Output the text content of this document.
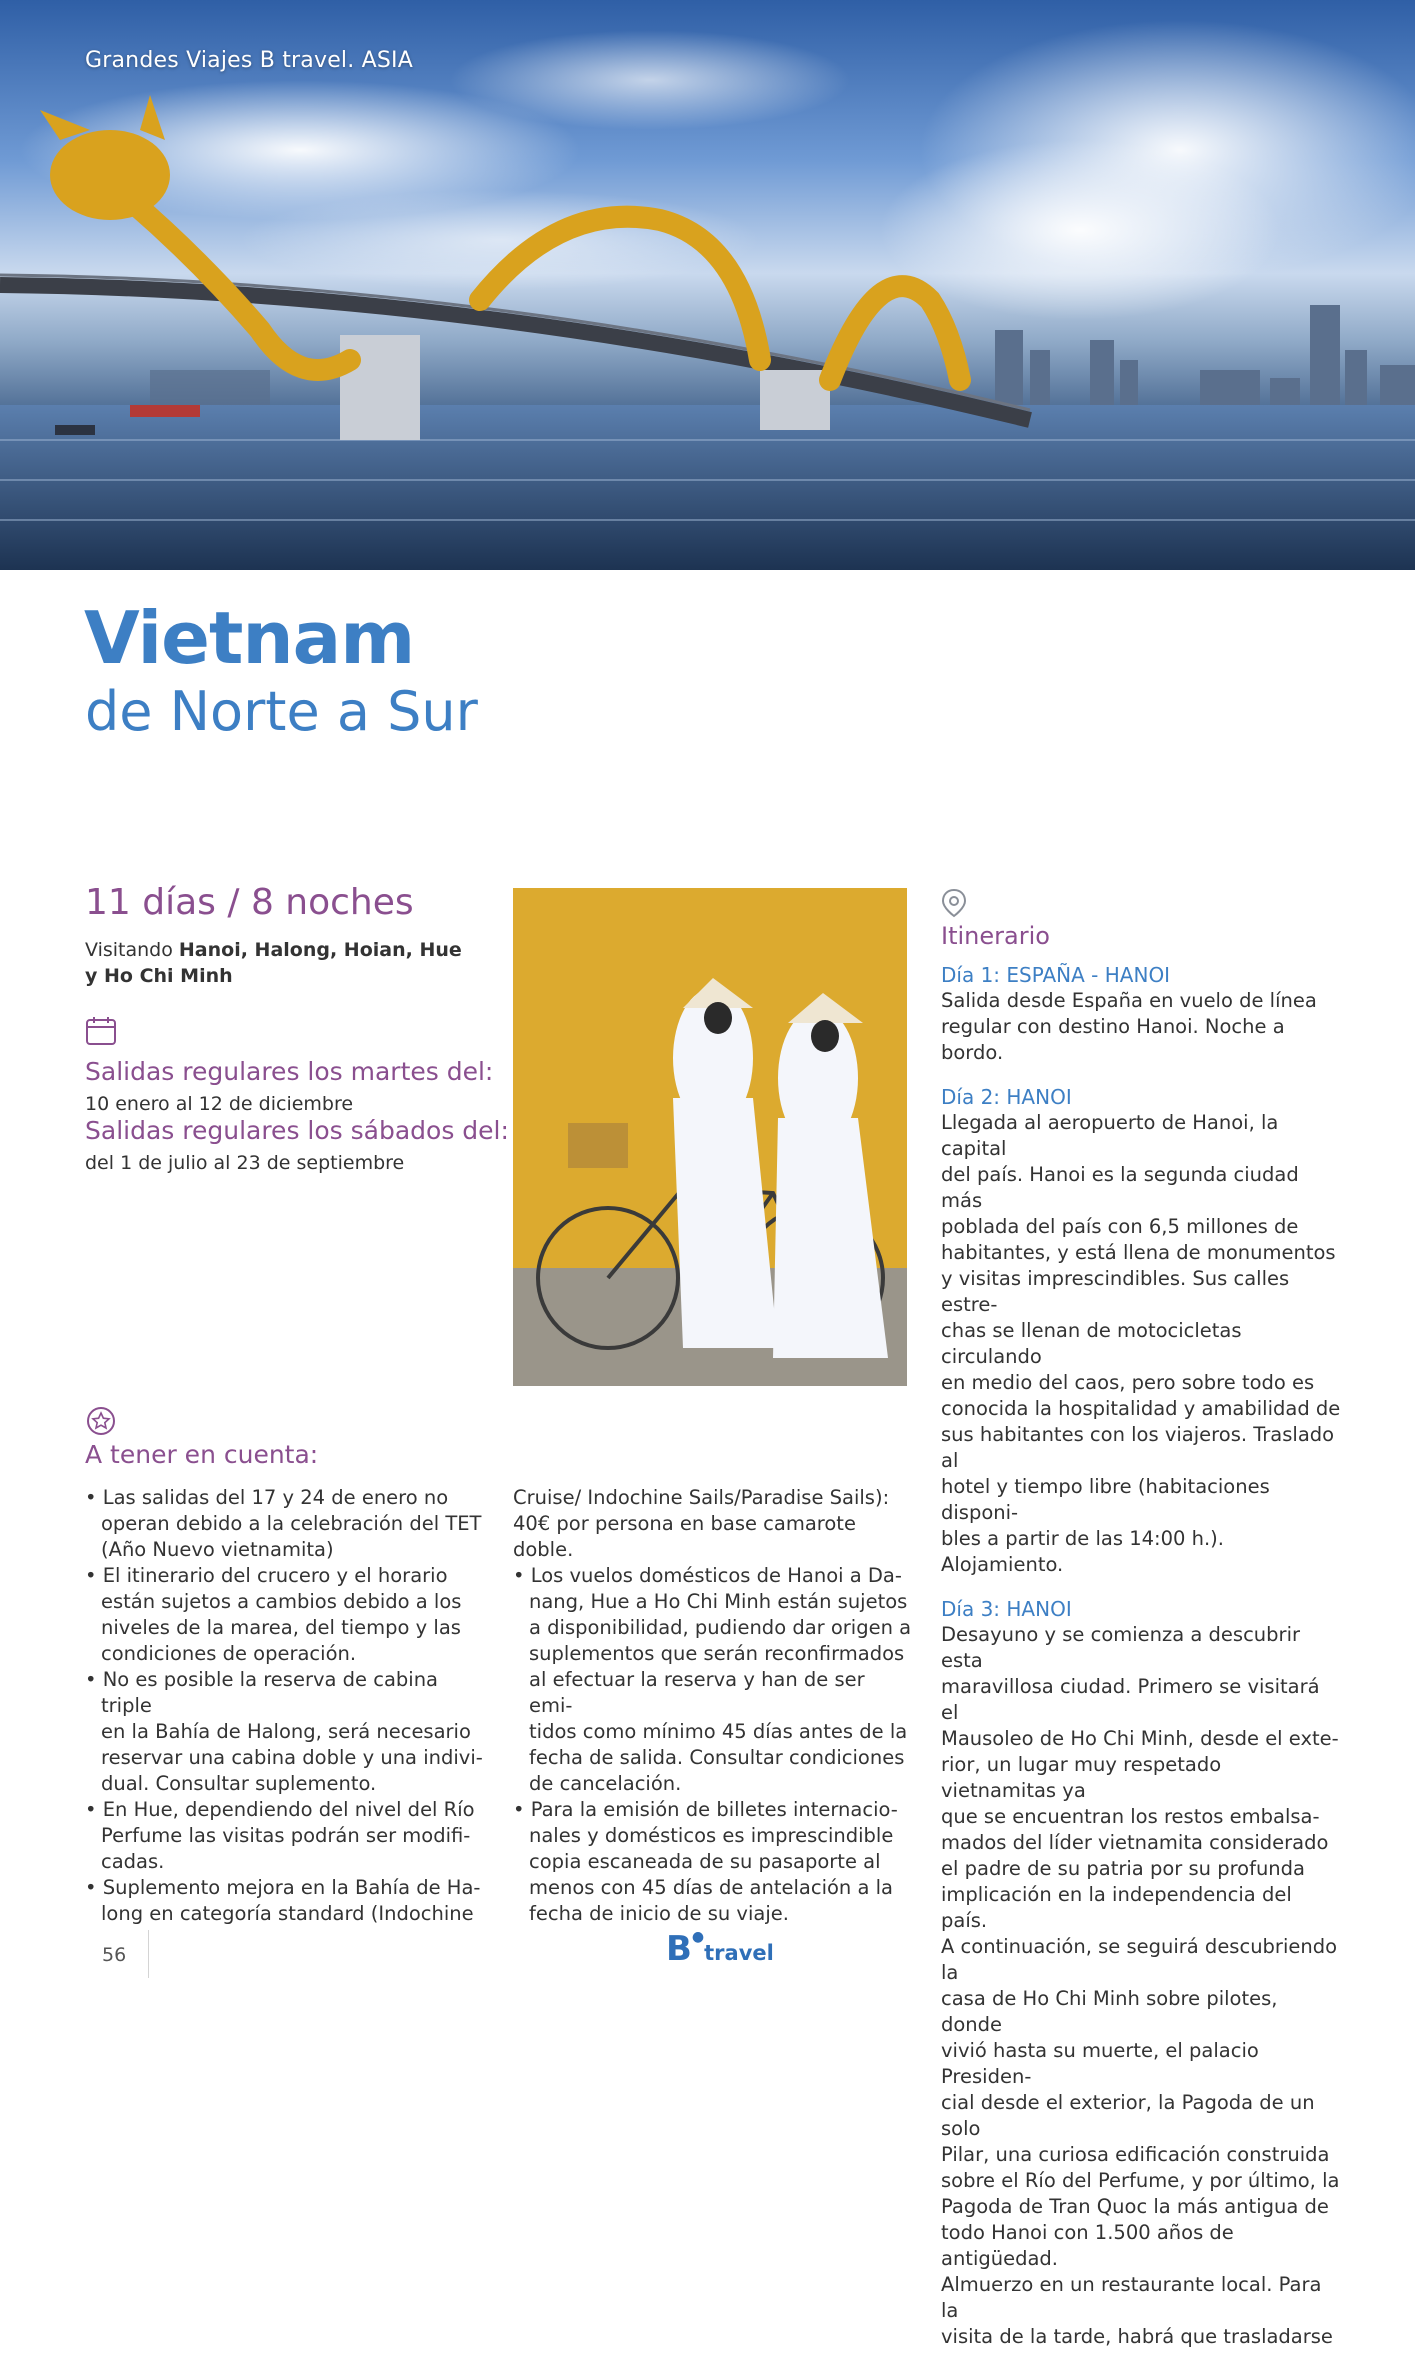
Grandes Viajes B travel. ASIA
Vietnam
de Norte a Sur
11 días / 8 noches
Visitando Hanoi, Halong, Hoian, Hue
y Ho Chi Minh
Salidas regulares los martes del:
10 enero al 12 de diciembre
Salidas regulares los sábados del:
del 1 de julio al 23 de septiembre
Itinerario
Día 1: ESPAÑA - HANOI

Salida desde España en vuelo de línea

regular con destino Hanoi. Noche a bordo.

Día 2: HANOI

Llegada al aeropuerto de Hanoi, la capital

del país. Hanoi es la segunda ciudad más

poblada del país con 6,5 millones de

habitantes, y está llena de monumentos

y visitas imprescindibles. Sus calles estre-

chas se llenan de motocicletas circulando

en medio del caos, pero sobre todo es

conocida la hospitalidad y amabilidad de

sus habitantes con los viajeros. Traslado al

hotel y tiempo libre (habitaciones disponi-

bles a partir de las 14:00 h.). Alojamiento.

Día 3: HANOI

Desayuno y se comienza a descubrir esta

maravillosa ciudad. Primero se visitará el

Mausoleo de Ho Chi Minh, desde el exte-

rior, un lugar muy respetado vietnamitas ya

que se encuentran los restos embalsa-

mados del líder vietnamita considerado

el padre de su patria por su profunda

implicación en la independencia del país.

A continuación, se seguirá descubriendo la

casa de Ho Chi Minh sobre pilotes, donde

vivió hasta su muerte, el palacio Presiden-

cial desde el exterior, la Pagoda de un solo

Pilar, una curiosa edificación construida

sobre el Río del Perfume, y por último, la

Pagoda de Tran Quoc la más antigua de

todo Hanoi con 1.500 años de antigüedad.

Almuerzo en un restaurante local. Para la

visita de la tarde, habrá que trasladarse

A tener en cuenta:
• Las salidas del 17 y 24 de enero no
operan debido a la celebración del TET
(Año Nuevo vietnamita)
• El itinerario del crucero y el horario
están sujetos a cambios debido a los
niveles de la marea, del tiempo y las
condiciones de operación.
• No es posible la reserva de cabina triple
en la Bahía de Halong, será necesario
reservar una cabina doble y una indivi-
dual. Consultar suplemento.
• En Hue, dependiendo del nivel del Río
Perfume las visitas podrán ser modifi-
cadas.
• Suplemento mejora en la Bahía de Ha-
long en categoría standard (Indochine
Cruise/ Indochine Sails/Paradise Sails):
40€ por persona en base camarote
doble.
• Los vuelos domésticos de Hanoi a Da-
nang, Hue a Ho Chi Minh están sujetos
a disponibilidad, pudiendo dar origen a
suplementos que serán reconfirmados
al efectuar la reserva y han de ser emi-
tidos como mínimo 45 días antes de la
fecha de salida. Consultar condiciones
de cancelación.
• Para la emisión de billetes internacio-
nales y domésticos es imprescindible
copia escaneada de su pasaporte al
menos con 45 días de antelación a la
fecha de inicio de su viaje.
56	B●travel
